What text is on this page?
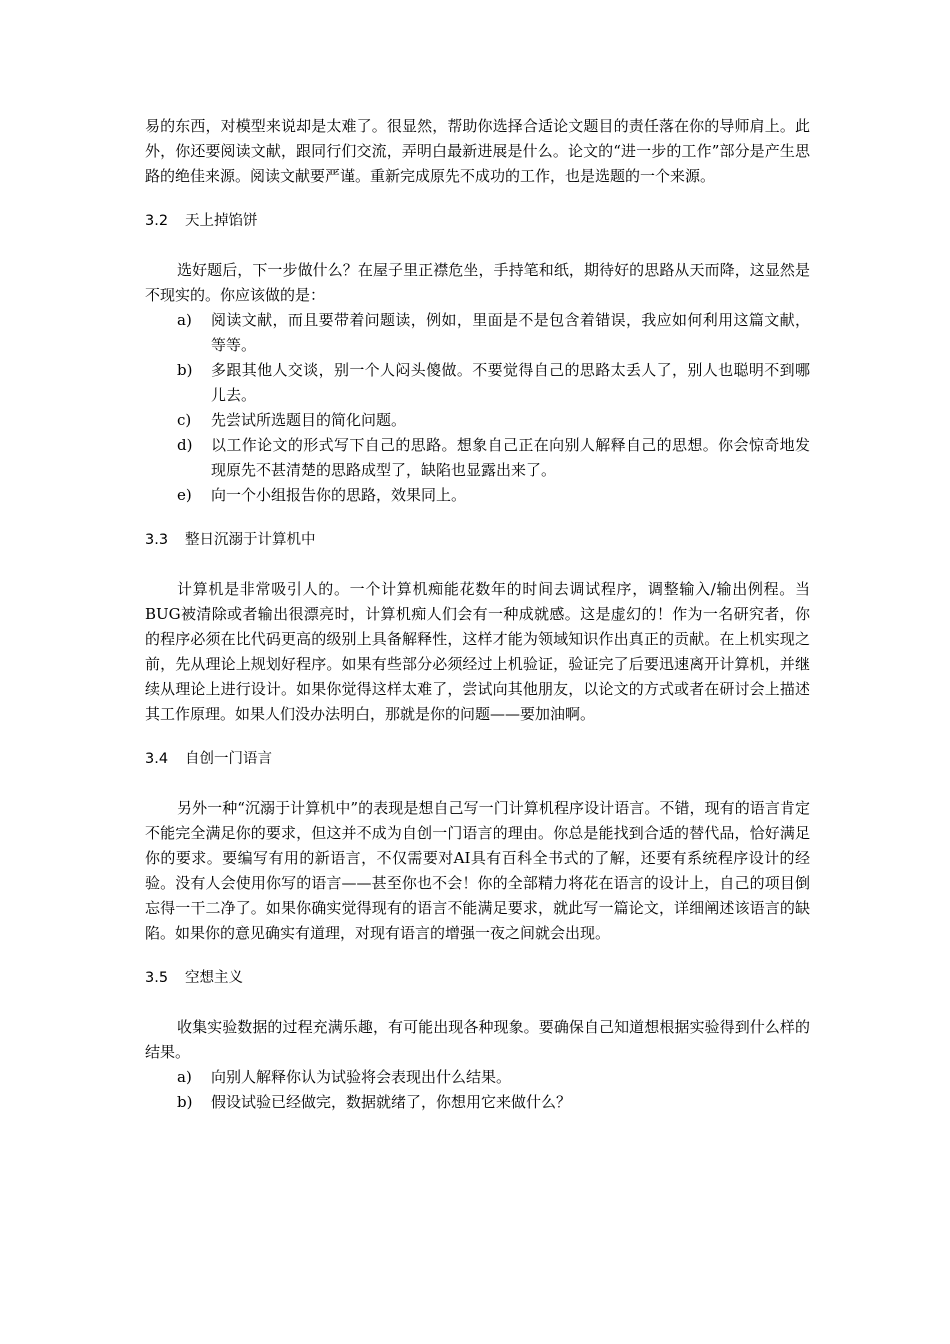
易的东西，对模型来说却是太难了。很显然，帮助你选择合适论文题目的责任落在你的导师肩上。此外，你还要阅读文献，跟同行们交流，弄明白最新进展是什么。论文的“进一步的工作”部分是产生思路的绝佳来源。阅读文献要严谨。重新完成原先不成功的工作，也是选题的一个来源。

3.2 天上掉馅饼

选好题后，下一步做什么？在屋子里正襟危坐，手持笔和纸，期待好的思路从天而降，这显然是不现实的。你应该做的是：

a) 阅读文献，而且要带着问题读，例如，里面是不是包含着错误，我应如何利用这篇文献，等等。
b) 多跟其他人交谈，别一个人闷头傻做。不要觉得自己的思路太丢人了，别人也聪明不到哪儿去。
c) 先尝试所选题目的简化问题。
d) 以工作论文的形式写下自己的思路。想象自己正在向别人解释自己的思想。你会惊奇地发现原先不甚清楚的思路成型了，缺陷也显露出来了。
e) 向一个小组报告你的思路，效果同上。
3.3 整日沉溺于计算机中

计算机是非常吸引人的。一个计算机痴能花数年的时间去调试程序，调整输入/输出例程。当BUG被清除或者输出很漂亮时，计算机痴人们会有一种成就感。这是虚幻的！作为一名研究者，你的程序必须在比代码更高的级别上具备解释性，这样才能为领域知识作出真正的贡献。在上机实现之前，先从理论上规划好程序。如果有些部分必须经过上机验证，验证完了后要迅速离开计算机，并继续从理论上进行设计。如果你觉得这样太难了，尝试向其他朋友，以论文的方式或者在研讨会上描述其工作原理。如果人们没办法明白，那就是你的问题——要加油啊。

3.4 自创一门语言

另外一种“沉溺于计算机中”的表现是想自己写一门计算机程序设计语言。不错，现有的语言肯定不能完全满足你的要求，但这并不成为自创一门语言的理由。你总是能找到合适的替代品，恰好满足你的要求。要编写有用的新语言，不仅需要对AI具有百科全书式的了解，还要有系统程序设计的经验。没有人会使用你写的语言——甚至你也不会！你的全部精力将花在语言的设计上，自己的项目倒忘得一干二净了。如果你确实觉得现有的语言不能满足要求，就此写一篇论文，详细阐述该语言的缺陷。如果你的意见确实有道理，对现有语言的增强一夜之间就会出现。

3.5 空想主义

收集实验数据的过程充满乐趣，有可能出现各种现象。要确保自己知道想根据实验得到什么样的结果。

a) 向别人解释你认为试验将会表现出什么结果。
b) 假设试验已经做完，数据就绪了，你想用它来做什么？
